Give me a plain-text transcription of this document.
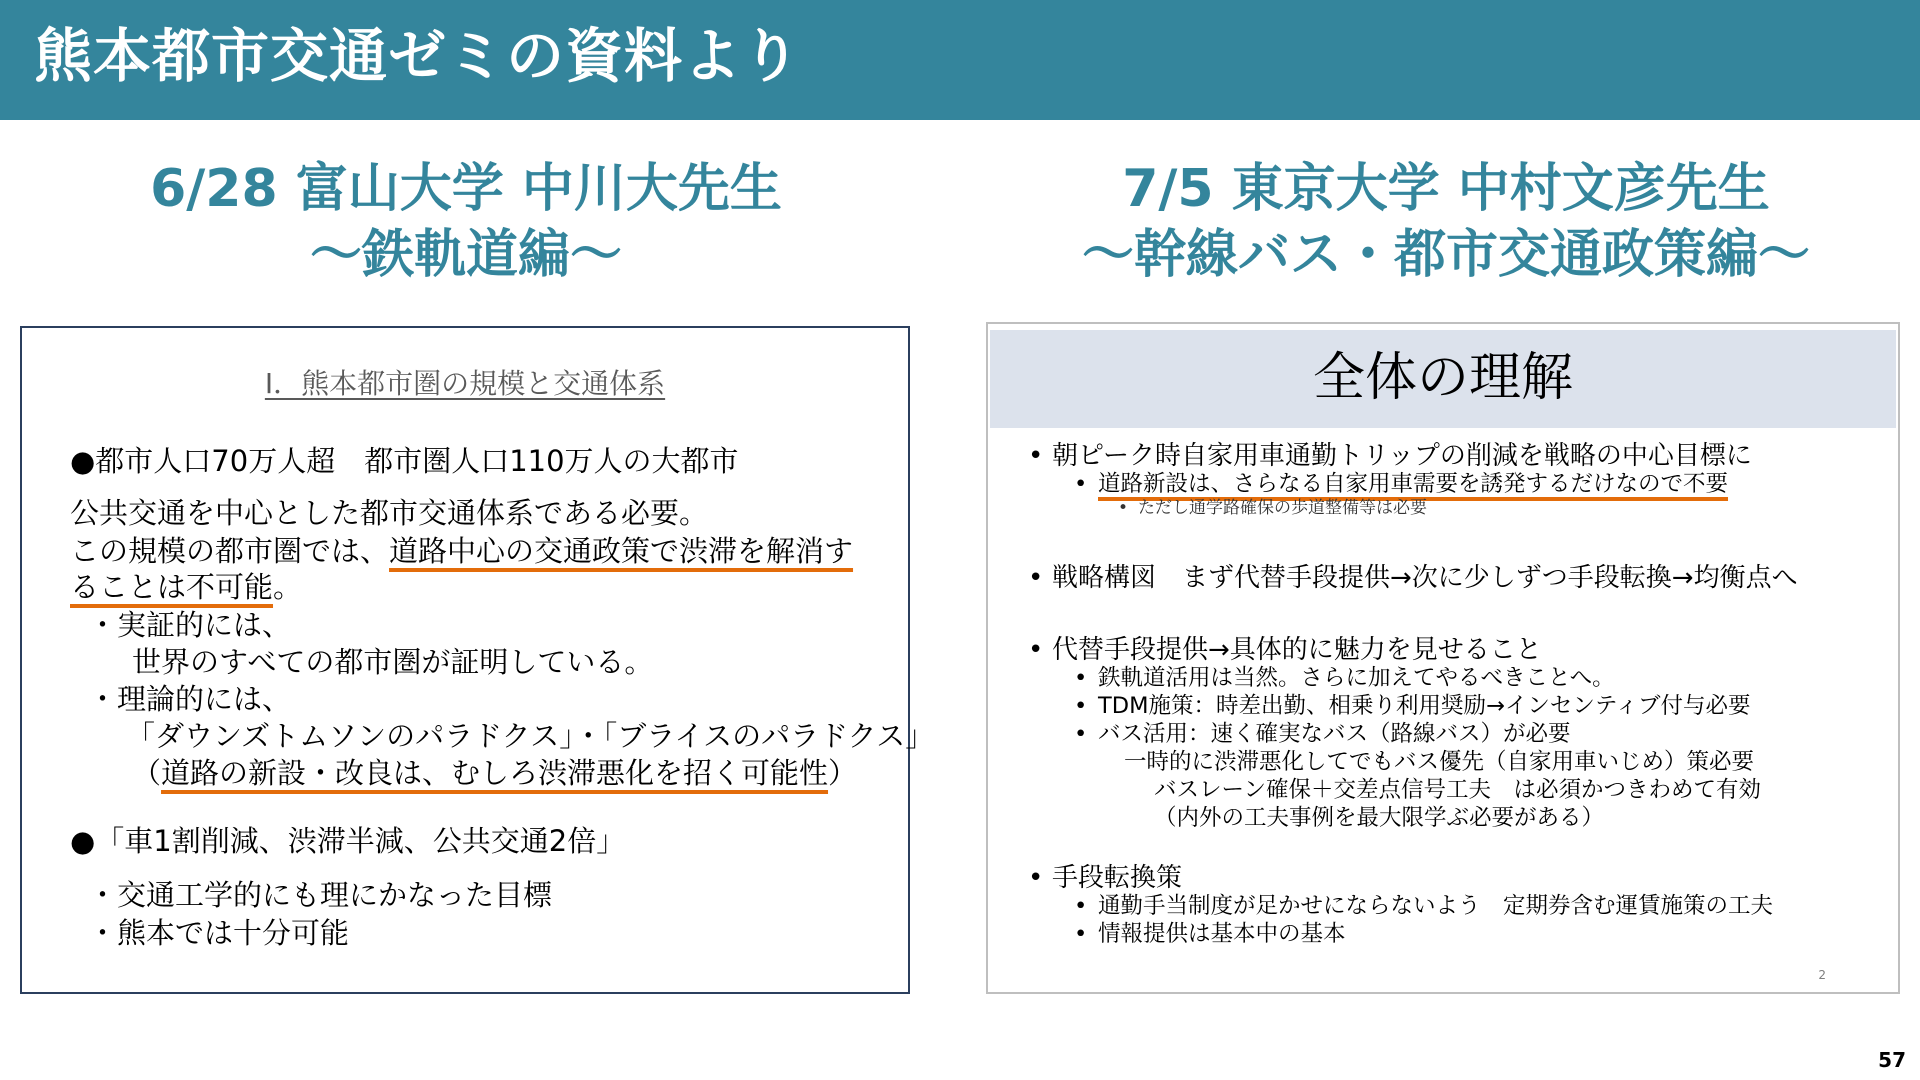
熊本都市交通ゼミの資料より
6/28 富山大学 中川大先生
～鉄軌道編～
7/5 東京大学 中村文彦先生
～幹線バス・都市交通政策編～
Ⅰ．熊本都市圏の規模と交通体系
●都市人口70万人超　都市圏人口110万人の大都市
公共交通を中心とした都市交通体系である必要。
この規模の都市圏では、道路中心の交通政策で渋滞を解消す
ることは不可能。
・実証的には、
世界のすべての都市圏が証明している。
・理論的には、
「ダウンズトムソンのパラドクス」・「ブライスのパラドクス」
（道路の新設・改良は、むしろ渋滞悪化を招く可能性）
●「車1割削減、渋滞半減、公共交通2倍」
・交通工学的にも理にかなった目標
・熊本では十分可能
全体の理解
• 朝ピーク時自家用車通勤トリップの削減を戦略の中心目標に
• 道路新設は、さらなる自家用車需要を誘発するだけなので不要
• ただし通学路確保の歩道整備等は必要
• 戦略構図　まず代替手段提供→次に少しずつ手段転換→均衡点へ
• 代替手段提供→具体的に魅力を見せること
• 鉄軌道活用は当然。さらに加えてやるべきことへ。
• TDM施策：時差出勤、相乗り利用奨励→インセンティブ付与必要
• バス活用：速く確実なバス（路線バス）が必要
一時的に渋滞悪化してでもバス優先（自家用車いじめ）策必要
バスレーン確保＋交差点信号工夫　は必須かつきわめて有効
（内外の工夫事例を最大限学ぶ必要がある）
• 手段転換策
• 通勤手当制度が足かせにならないよう　定期券含む運賃施策の工夫
• 情報提供は基本中の基本
2
57
